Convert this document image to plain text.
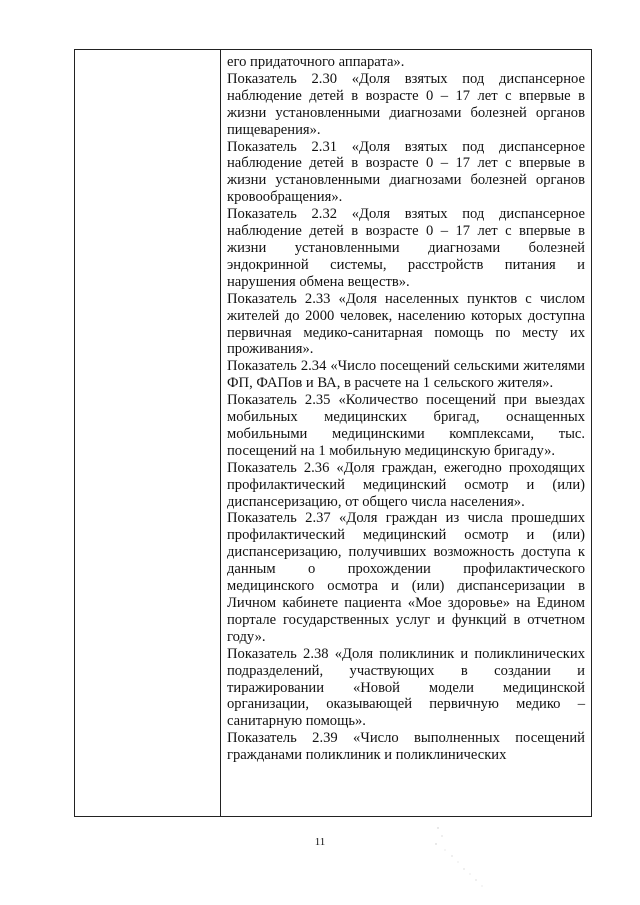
его придаточного аппарата».

Показатель 2.30 «Доля взятых под диспансерное наблюдение детей в возрасте 0 – 17 лет с впервые в жизни установленными диагнозами болезней органов пищеварения».

Показатель 2.31 «Доля взятых под диспансерное наблюдение детей в возрасте 0 – 17 лет с впервые в жизни установленными диагнозами болезней органов кровообращения».

Показатель 2.32 «Доля взятых под диспансерное наблюдение детей в возрасте 0 – 17 лет с впервые в жизни установленными диагнозами болезней эндокринной системы, расстройств питания и нарушения обмена веществ».

Показатель 2.33 «Доля населенных пунктов с числом жителей до 2000 человек, населению которых доступна первичная медико-санитарная помощь по месту их проживания».

Показатель 2.34 «Число посещений сельскими жителями ФП, ФАПов и ВА, в расчете на 1 сельского жителя».

Показатель 2.35 «Количество посещений при выездах мобильных медицинских бригад, оснащенных мобильными медицинскими комплексами, тыс. посещений на 1 мобильную медицинскую бригаду».

Показатель 2.36 «Доля граждан, ежегодно проходящих профилактический медицинский осмотр и (или) диспансеризацию, от общего числа населения».

Показатель 2.37 «Доля граждан из числа прошедших профилактический медицинский осмотр и (или) диспансеризацию, получивших возможность доступа к данным о прохождении профилактического медицинского осмотра и (или) диспансеризации в Личном кабинете пациента «Мое здоровье» на Едином портале государственных услуг и функций в отчетном году».

Показатель 2.38 «Доля поликлиник и поликлинических подразделений, участвующих в создании и тиражировании «Новой модели медицинской организации, оказывающей первичную медико – санитарную помощь».

Показатель 2.39 «Число выполненных посещений гражданами поликлиник и поликлинических

11
